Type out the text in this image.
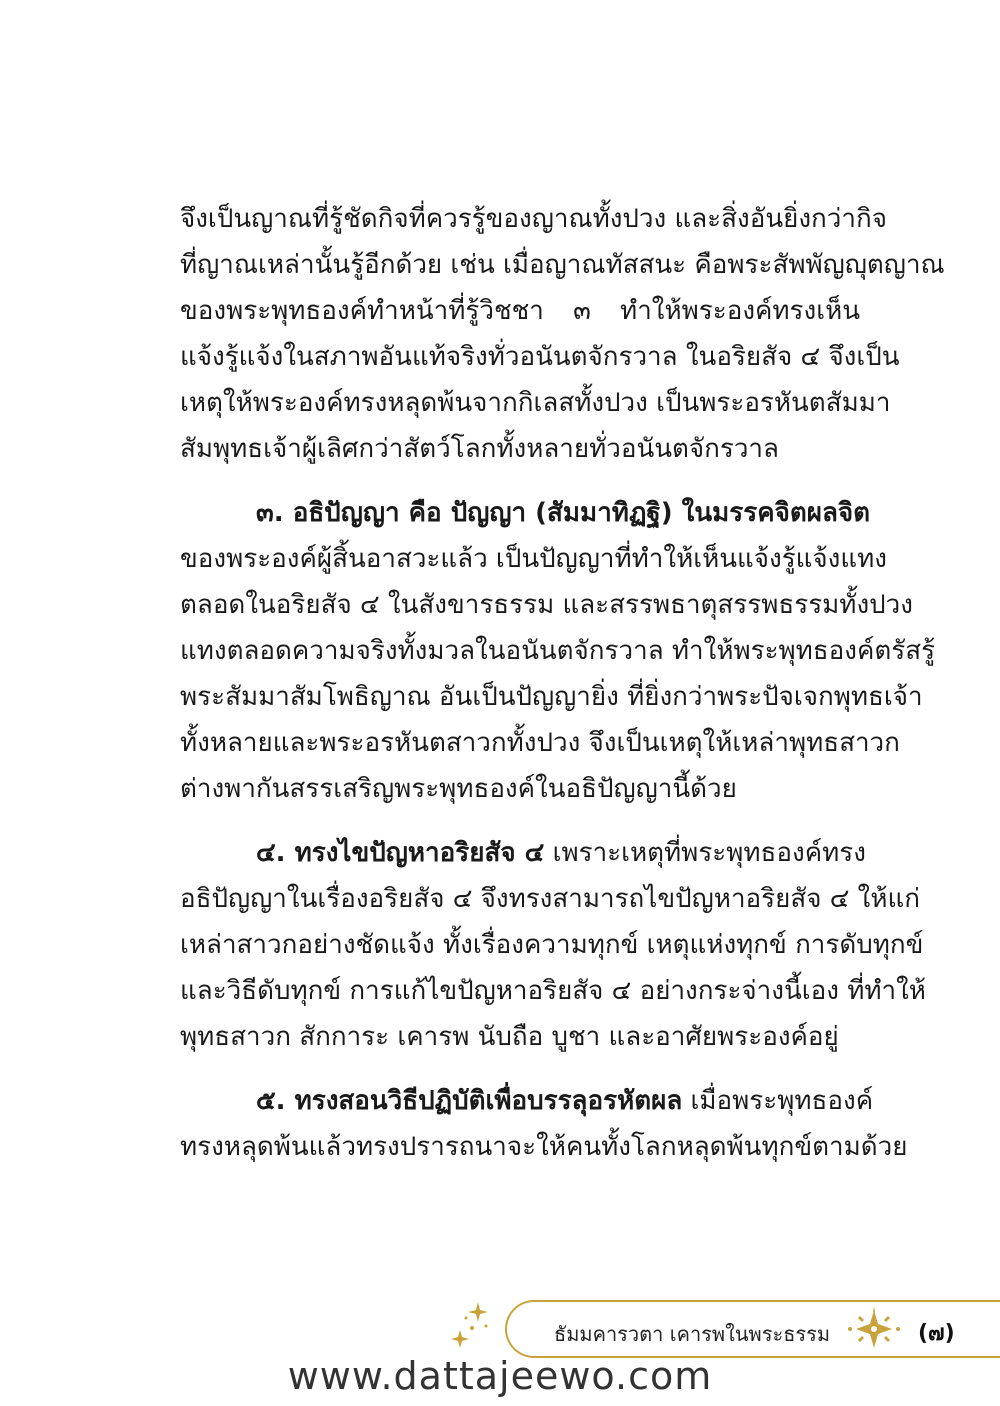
จึงเป็นญาณที่รู้ชัดกิจที่ควรรู้ของญาณทั้งปวง และสิ่งอันยิ่งกว่ากิจ
ที่ญาณเหล่านั้นรู้อีกด้วย เช่น เมื่อญาณทัสสนะ คือพระสัพพัญญุตญาณ
ของพระพุทธองค์ทำหน้าที่รู้วิชชา ๓ ทำให้พระองค์ทรงเห็น
แจ้งรู้แจ้งในสภาพอันแท้จริงทั่วอนันตจักรวาล ในอริยสัจ ๔ จึงเป็น
เหตุให้พระองค์ทรงหลุดพ้นจากกิเลสทั้งปวง เป็นพระอรหันตสัมมา
สัมพุทธเจ้าผู้เลิศกว่าสัตว์โลกทั้งหลายทั่วอนันตจักรวาล
๓. อธิปัญญา คือ ปัญญา (สัมมาทิฏฐิ) ในมรรคจิตผลจิต
ของพระองค์ผู้สิ้นอาสวะแล้ว เป็นปัญญาที่ทำให้เห็นแจ้งรู้แจ้งแทง
ตลอดในอริยสัจ ๔ ในสังขารธรรม และสรรพธาตุสรรพธรรมทั้งปวง
แทงตลอดความจริงทั้งมวลในอนันตจักรวาล ทำให้พระพุทธองค์ตรัสรู้
พระสัมมาสัมโพธิญาณ อันเป็นปัญญายิ่ง ที่ยิ่งกว่าพระปัจเจกพุทธเจ้า
ทั้งหลายและพระอรหันตสาวกทั้งปวง จึงเป็นเหตุให้เหล่าพุทธสาวก
ต่างพากันสรรเสริญพระพุทธองค์ในอธิปัญญานี้ด้วย
๔. ทรงไขปัญหาอริยสัจ ๔ เพราะเหตุที่พระพุทธองค์ทรง
อธิปัญญาในเรื่องอริยสัจ ๔ จึงทรงสามารถไขปัญหาอริยสัจ ๔ ให้แก่
เหล่าสาวกอย่างชัดแจ้ง ทั้งเรื่องความทุกข์ เหตุแห่งทุกข์ การดับทุกข์
และวิธีดับทุกข์ การแก้ไขปัญหาอริยสัจ ๔ อย่างกระจ่างนี้เอง ที่ทำให้
พุทธสาวก สักการะ เคารพ นับถือ บูชา และอาศัยพระองค์อยู่
๕. ทรงสอนวิธีปฏิบัติเพื่อบรรลุอรหัตผล เมื่อพระพุทธองค์
ทรงหลุดพ้นแล้วทรงปรารถนาจะให้คนทั้งโลกหลุดพ้นทุกข์ตามด้วย
ธัมมคารวตา เคารพในพระธรรม	(๗)
www.dattajeewo.com
